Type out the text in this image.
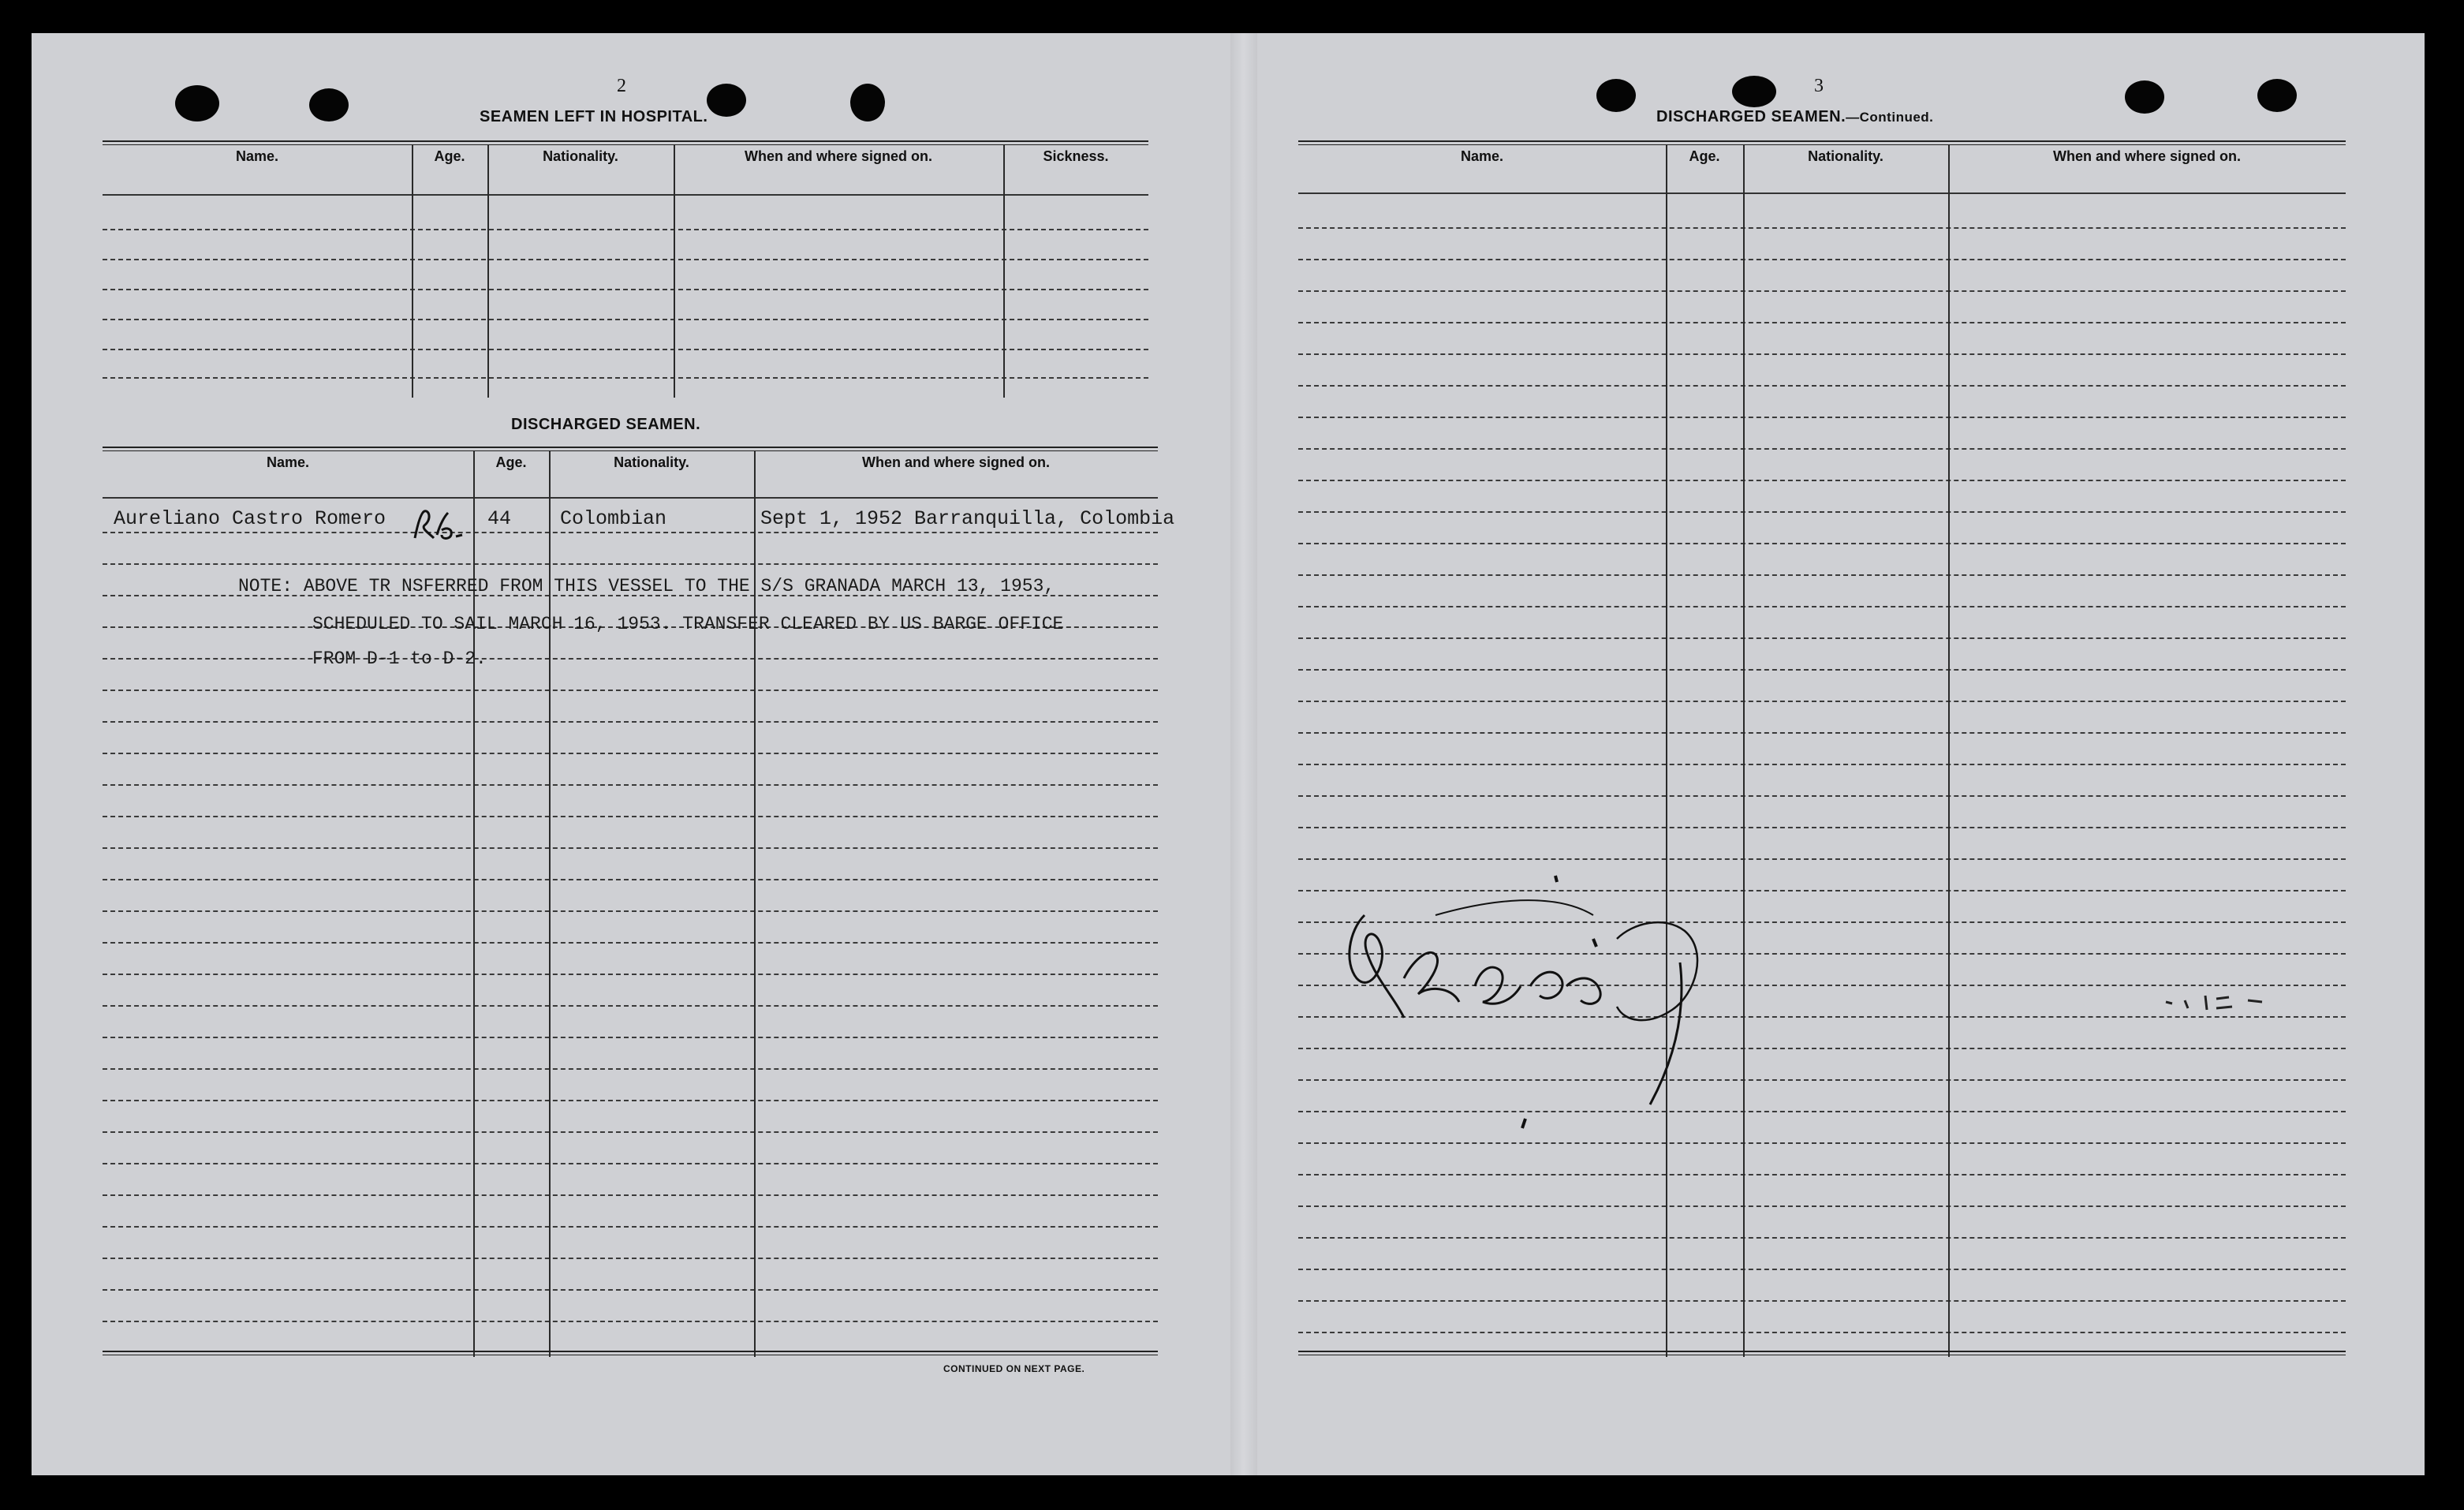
2
SEAMEN LEFT IN HOSPITAL.
Name.	Age.	Nationality.	When and where signed on.	Sickness.
DISCHARGED SEAMEN.
Name.	Age.	Nationality.	When and where signed on.
Aureliano Castro Romero	44 Colombian	Sept 1, 1952 Barranquilla, Colombia
NOTE: ABOVE TR NSFERRED FROM THIS VESSEL TO THE S/S GRANADA MARCH 13, 1953,
SCHEDULED TO SAIL MARCH 16, 1953. TRANSFER CLEARED BY US BARGE OFFICE
FROM D-1 to D-2.
CONTINUED ON NEXT PAGE.
3
DISCHARGED SEAMEN.—Continued.
Name.	Age.	Nationality.	When and where signed on.
